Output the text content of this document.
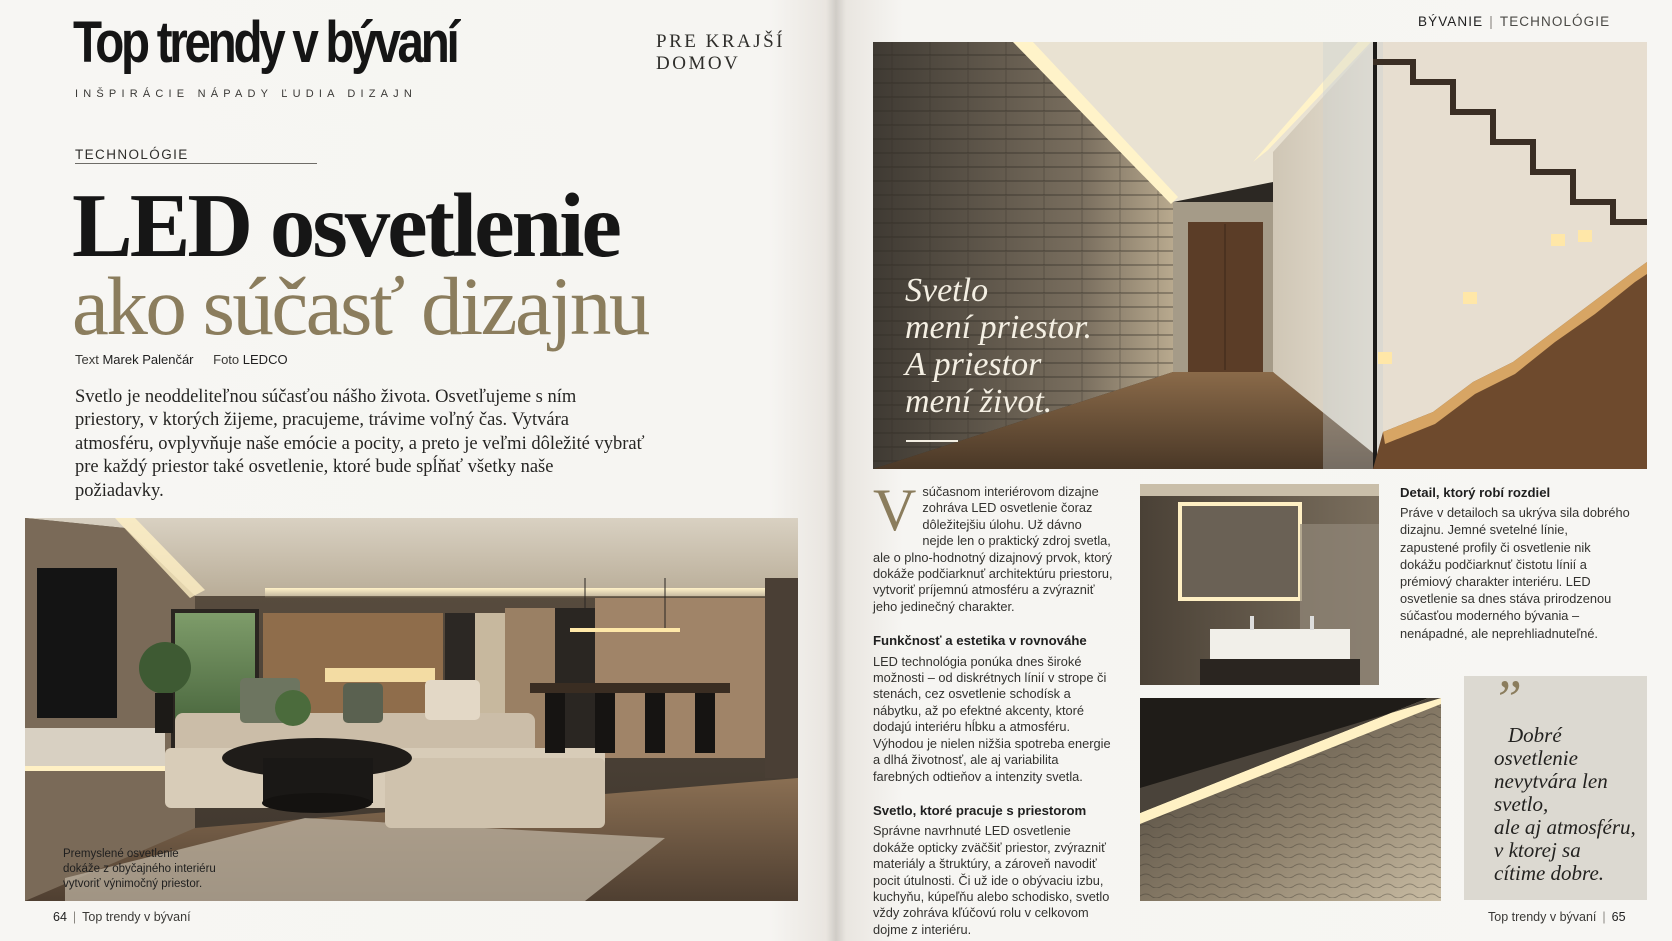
Top trendy v bývaní
INŠPIRÁCIE NÁPADY ĽUDIA DIZAJN
PRE KRAJŠÍ
DOMOV
TECHNOLÓGIE
LED osvetlenie
ako súčasť dizajnu
Text Marek Palenčár Foto LEDCO

Svetlo je neoddeliteľnou súčasťou nášho života. Osvetľujeme s ním priestory, v ktorých žijeme, pracujeme, trávime voľný čas. Vytvára atmosféru, ovplyvňuje naše emócie a pocity, a preto je veľmi dôležité vybrať pre každý priestor také osvetlenie, ktoré bude spĺňať všetky naše požiadavky.

Premyslené osvetlenie
dokáže z obyčajného interiéru
vytvoriť výnimočný priestor.
64 | Top trendy v bývaní
BÝVANIE | TECHNOLÓGIE
Svetlo
mení priestor.
A priestor
mení život.

Vsúčasnom interiérovom dizajne zohráva LED osvetlenie čoraz dôležitejšiu úlohu. Už dávno nejde len o praktický zdroj svetla, ale o plno-hodnotný dizajnový prvok, ktorý dokáže podčiarknuť architektúru priestoru, vytvoriť príjemnú atmosféru a zvýrazniť jeho jedinečný charakter.

Funkčnosť a estetika v rovnováhe

LED technológia ponúka dnes široké možnosti – od diskrétnych línií v strope či stenách, cez osvetlenie schodísk a nábytku, až po efektné akcenty, ktoré dodajú interiéru hĺbku a atmosféru. Výhodou je nielen nižšia spotreba energie a dlhá životnosť, ale aj variabilita farebných odtieňov a intenzity svetla.

Svetlo, ktoré pracuje s priestorom

Správne navrhnuté LED osvetlenie dokáže opticky zväčšiť priestor, zvýrazniť materiály a štruktúry, a zároveň navodiť pocit útulnosti. Či už ide o obývaciu izbu, kuchyňu, kúpeľňu alebo schodisko, svetlo vždy zohráva kľúčovú rolu v celkovom dojme z interiéru.

Detail, ktorý robí rozdiel

Práve v detailoch sa ukrýva sila dobrého dizajnu. Jemné svetelné línie, zapustené profily či osvetlenie nik dokážu podčiarknuť čistotu línií a prémiový charakter interiéru. LED osvetlenie sa dnes stáva prirodzenou súčasťou moderného bývania – nenápadné, ale neprehliadnuteľné.

”
Dobré
osvetlenie
nevytvára len
svetlo,
ale aj atmosféru,
v ktorej sa
cítime dobre.
Top trendy v bývaní | 65
